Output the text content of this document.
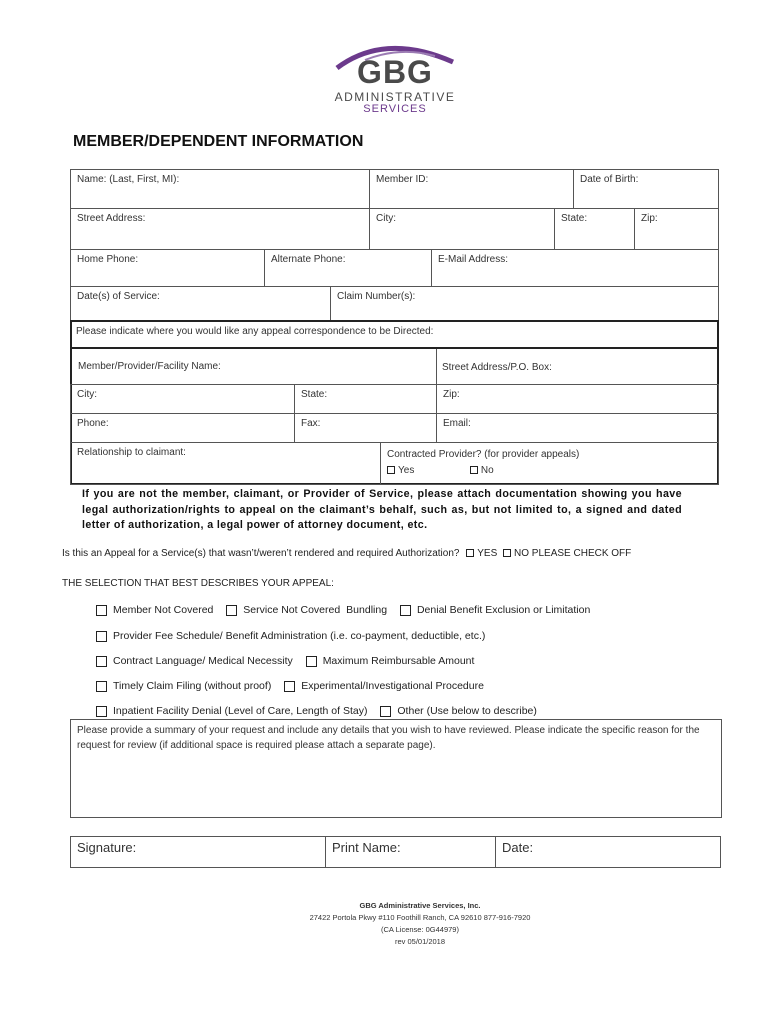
GBG
ADMINISTRATIVE
SERVICES
MEMBER/DEPENDENT INFORMATION
Name: (Last, First, MI):	Member ID:	Date of Birth:
Street Address:	City:	State:	Zip:
Home Phone:	Alternate Phone:	E-Mail Address:
Date(s) of Service:	Claim Number(s):
Please indicate where you would like any appeal correspondence to be Directed:
Member/Provider/Facility Name:	Street Address/P.O. Box:
City:	State:	Zip:
Phone:	Fax:	Email:
Relationship to claimant:	Contracted Provider? (for provider appeals)
Yes	No
If you are not the member, claimant, or Provider of Service, please attach documentation showing you have legal authorization/rights to appeal on the claimant’s behalf, such as, but not limited to, a signed and dated letter of authorization, a legal power of attorney document, etc.
Is this an Appeal for a Service(s) that wasn’t/weren’t rendered and required Authorization? YES NO PLEASE CHECK OFF
THE SELECTION THAT BEST DESCRIBES YOUR APPEAL:
Member Not Covered	Service Not Covered Bundling	Denial Benefit Exclusion or Limitation
Provider Fee Schedule/ Benefit Administration (i.e. co-payment, deductible, etc.)
Contract Language/ Medical Necessity	Maximum Reimbursable Amount
Timely Claim Filing (without proof)	Experimental/Investigational Procedure
Inpatient Facility Denial (Level of Care, Length of Stay)	Other (Use below to describe)
Please provide a summary of your request and include any details that you wish to have reviewed. Please indicate the specific reason for the request for review (if additional space is required please attach a separate page).
Signature:	Print Name:	Date:
GBG Administrative Services, Inc.
27422 Portola Pkwy #110 Foothill Ranch, CA 92610 877-916-7920
(CA License: 0G44979)
rev 05/01/2018
